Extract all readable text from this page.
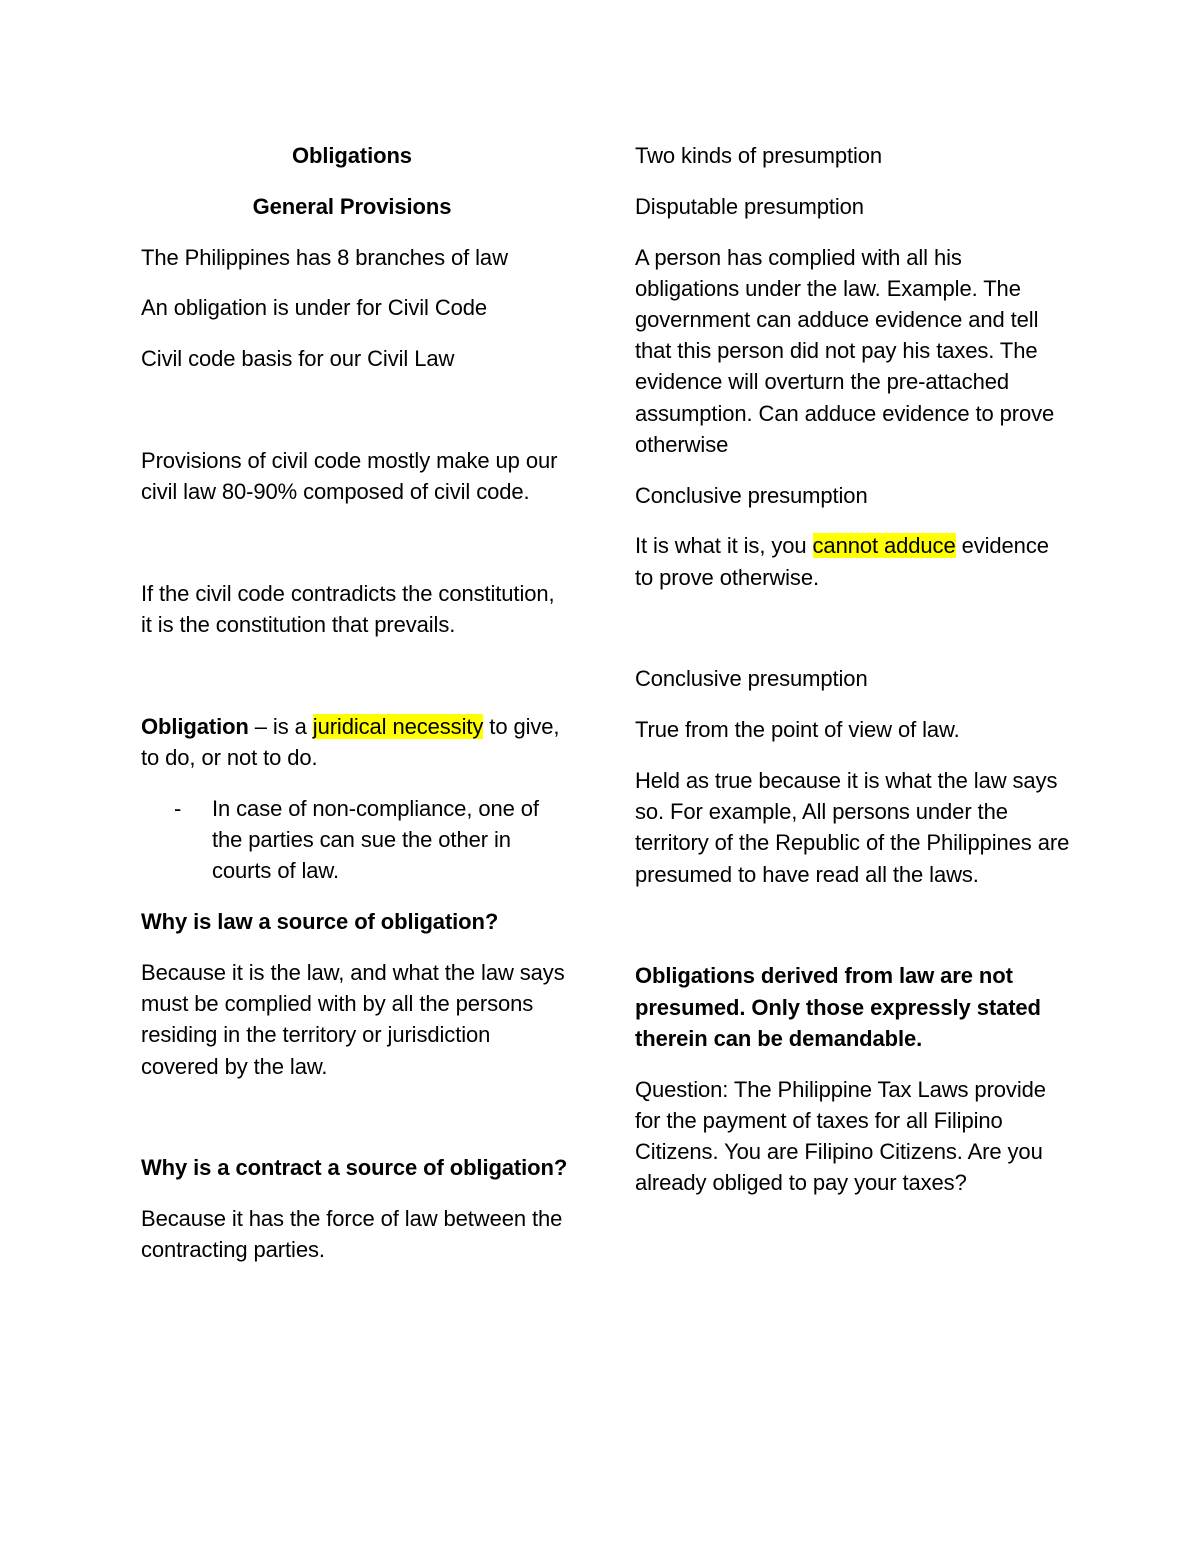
Obligations

General Provisions

The Philippines has 8 branches of law

An obligation is under for Civil Code

Civil code basis for our Civil Law

Provisions of civil code mostly make up our civil law 80-90% composed of civil code.

If the civil code contradicts the constitution, it is the constitution that prevails.

Obligation – is a juridical necessity to give, to do, or not to do.

- In case of non-compliance, one of the parties can sue the other in courts of law.

Why is law a source of obligation?

Because it is the law, and what the law says must be complied with by all the persons residing in the territory or jurisdiction covered by the law.

Why is a contract a source of obligation?

Because it has the force of law between the contracting parties.

Two kinds of presumption

Disputable presumption

A person has complied with all his obligations under the law. Example. The government can adduce evidence and tell that this person did not pay his taxes. The evidence will overturn the pre-attached assumption. Can adduce evidence to prove otherwise

Conclusive presumption

It is what it is, you cannot adduce evidence to prove otherwise.

Conclusive presumption

True from the point of view of law.

Held as true because it is what the law says so. For example, All persons under the territory of the Republic of the Philippines are presumed to have read all the laws.

Obligations derived from law are not presumed. Only those expressly stated therein can be demandable.

Question: The Philippine Tax Laws provide for the payment of taxes for all Filipino Citizens. You are Filipino Citizens. Are you already obliged to pay your taxes?
